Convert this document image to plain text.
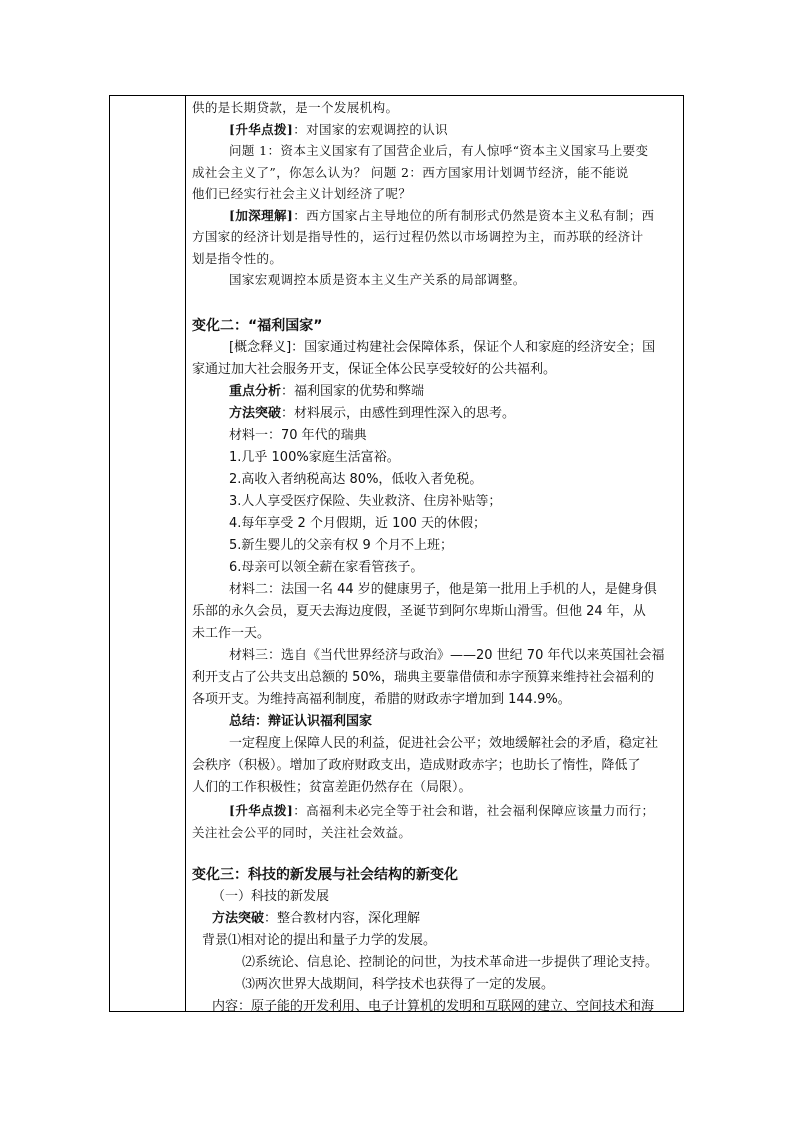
供的是长期贷款，是一个发展机构。
[升华点拨]：对国家的宏观调控的认识
问题 1：资本主义国家有了国营企业后，有人惊呼“资本主义国家马上要变
成社会主义了”，你怎么认为？ 问题 2：西方国家用计划调节经济，能不能说
他们已经实行社会主义计划经济了呢？
[加深理解]：西方国家占主导地位的所有制形式仍然是资本主义私有制；西
方国家的经济计划是指导性的，运行过程仍然以市场调控为主，而苏联的经济计
划是指令性的。
国家宏观调控本质是资本主义生产关系的局部调整。
变化二：“福利国家”
[概念释义]：国家通过构建社会保障体系，保证个人和家庭的经济安全；国
家通过加大社会服务开支，保证全体公民享受较好的公共福利。
重点分析：福利国家的优势和弊端
方法突破：材料展示，由感性到理性深入的思考。
材料一：70 年代的瑞典
1.几乎 100%家庭生活富裕。
2.高收入者纳税高达 80%，低收入者免税。
3.人人享受医疗保险、失业救济、住房补贴等；
4.每年享受 2 个月假期，近 100 天的休假；
5.新生婴儿的父亲有权 9 个月不上班；
6.母亲可以领全薪在家看管孩子。
材料二：法国一名 44 岁的健康男子，他是第一批用上手机的人，是健身俱
乐部的永久会员，夏天去海边度假，圣诞节到阿尔卑斯山滑雪。但他 24 年，从
未工作一天。
材料三：选自《当代世界经济与政治》——20 世纪 70 年代以来英国社会福
利开支占了公共支出总额的 50%，瑞典主要靠借债和赤字预算来维持社会福利的
各项开支。为维持高福利制度，希腊的财政赤字增加到 144.9%。
总结：辩证认识福利国家
一定程度上保障人民的利益，促进社会公平；效地缓解社会的矛盾，稳定社
会秩序（积极）。增加了政府财政支出，造成财政赤字；也助长了惰性，降低了
人们的工作积极性；贫富差距仍然存在（局限）。
[升华点拨]：高福利未必完全等于社会和谐，社会福利保障应该量力而行；
关注社会公平的同时，关注社会效益。
变化三：科技的新发展与社会结构的新变化
（一）科技的新发展
方法突破：整合教材内容，深化理解
背景⑴相对论的提出和量子力学的发展。
⑵系统论、信息论、控制论的问世，为技术革命进一步提供了理论支持。
⑶两次世界大战期间，科学技术也获得了一定的发展。
内容：原子能的开发利用、电子计算机的发明和互联网的建立、空间技术和海
